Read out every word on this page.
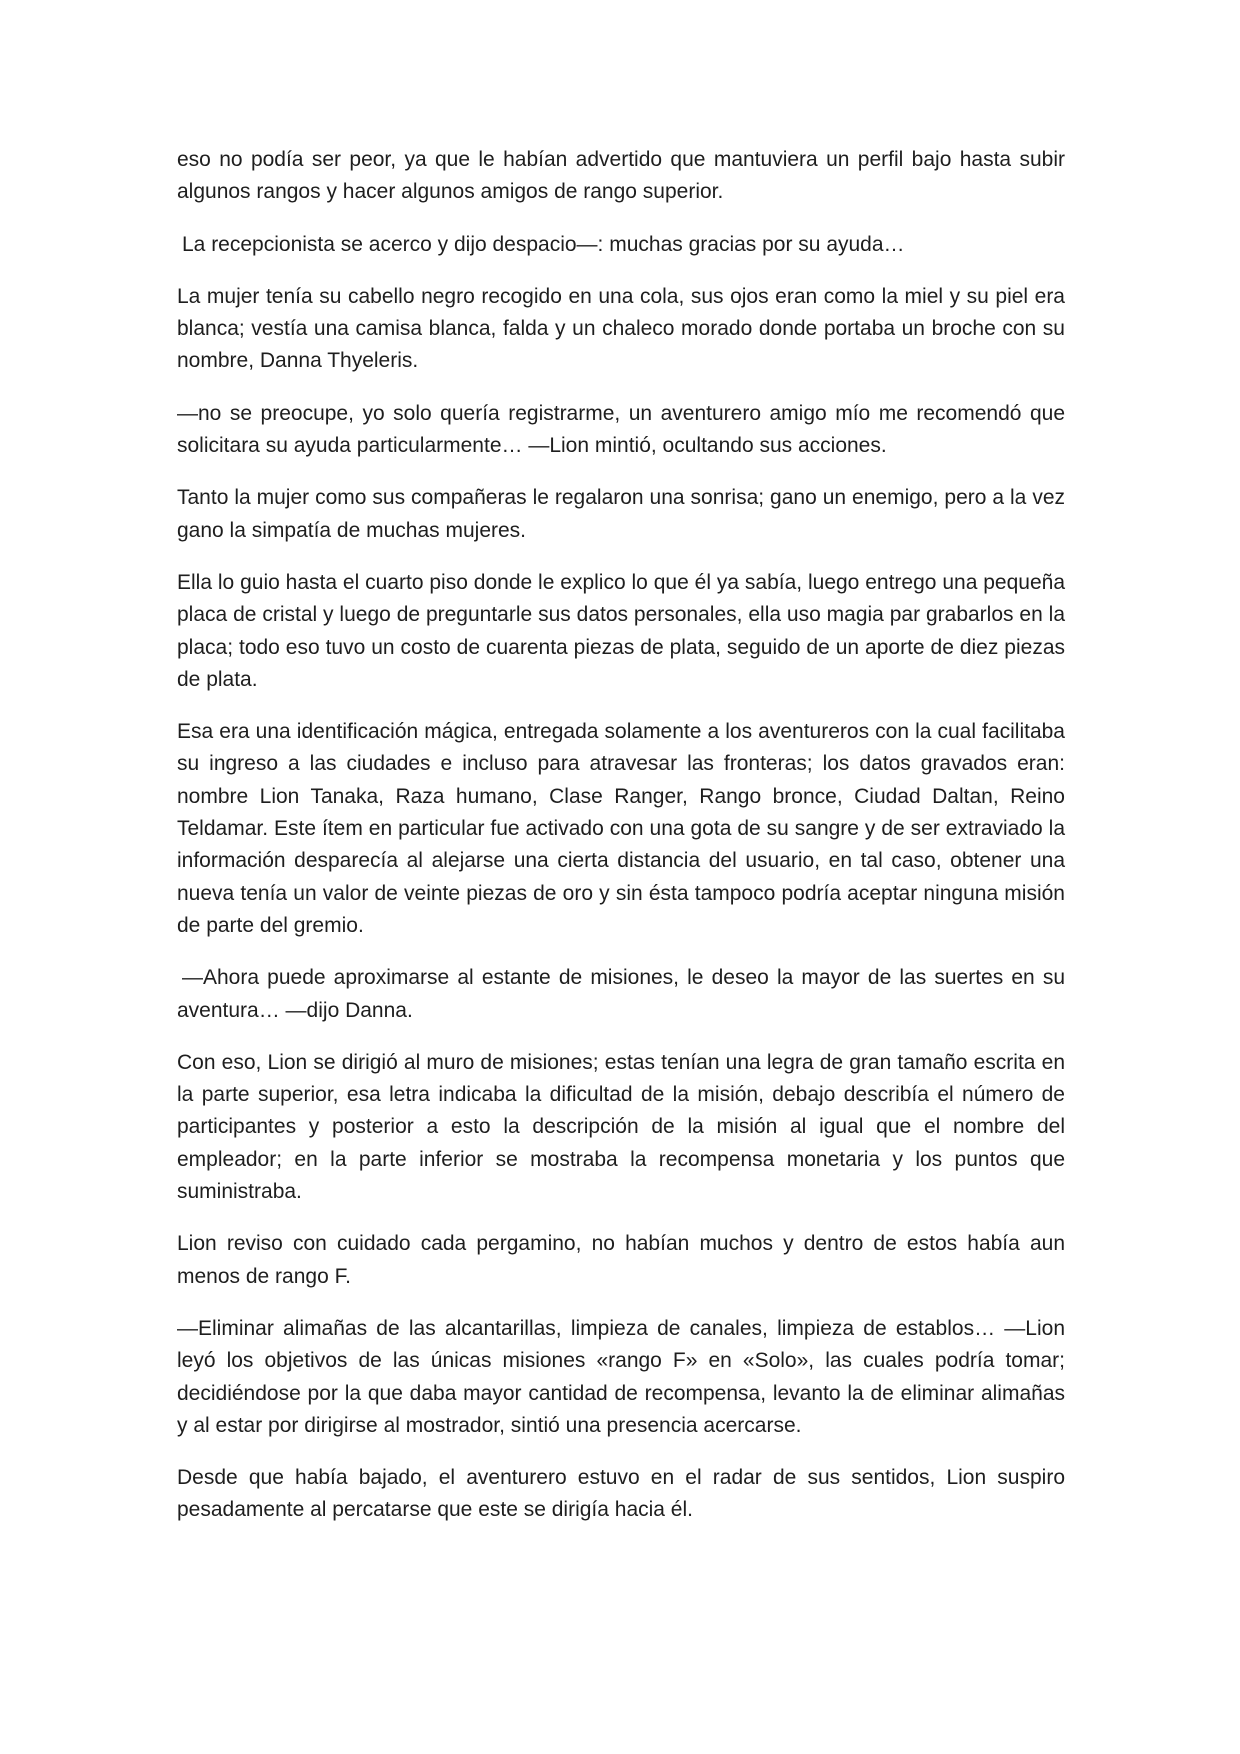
eso no podía ser peor, ya que le habían advertido que mantuviera un perfil bajo hasta subir algunos rangos y hacer algunos amigos de rango superior.

La recepcionista se acerco y dijo despacio—: muchas gracias por su ayuda…

La mujer tenía su cabello negro recogido en una cola, sus ojos eran como la miel y su piel era blanca; vestía una camisa blanca, falda y un chaleco morado donde portaba un broche con su nombre, Danna Thyeleris.

—no se preocupe, yo solo quería registrarme, un aventurero amigo mío me recomendó que solicitara su ayuda particularmente… —Lion mintió, ocultando sus acciones.

Tanto la mujer como sus compañeras le regalaron una sonrisa; gano un enemigo, pero a la vez gano la simpatía de muchas mujeres.

Ella lo guio hasta el cuarto piso donde le explico lo que él ya sabía, luego entrego una pequeña placa de cristal y luego de preguntarle sus datos personales, ella uso magia par grabarlos en la placa; todo eso tuvo un costo de cuarenta piezas de plata, seguido de un aporte de diez piezas de plata.

Esa era una identificación mágica, entregada solamente a los aventureros con la cual facilitaba su ingreso a las ciudades e incluso para atravesar las fronteras; los datos gravados eran: nombre Lion Tanaka, Raza humano, Clase Ranger, Rango bronce, Ciudad Daltan, Reino Teldamar. Este ítem en particular fue activado con una gota de su sangre y de ser extraviado la información desparecía al alejarse una cierta distancia del usuario, en tal caso, obtener una nueva tenía un valor de veinte piezas de oro y sin ésta tampoco podría aceptar ninguna misión de parte del gremio.

—Ahora puede aproximarse al estante de misiones, le deseo la mayor de las suertes en su aventura… —dijo Danna.

Con eso, Lion se dirigió al muro de misiones; estas tenían una legra de gran tamaño escrita en la parte superior, esa letra indicaba la dificultad de la misión, debajo describía el número de participantes y posterior a esto la descripción de la misión al igual que el nombre del empleador; en la parte inferior se mostraba la recompensa monetaria y los puntos que suministraba.

Lion reviso con cuidado cada pergamino, no habían muchos y dentro de estos había aun menos de rango F.

—Eliminar alimañas de las alcantarillas, limpieza de canales, limpieza de establos… —Lion leyó los objetivos de las únicas misiones «rango F» en «Solo», las cuales podría tomar; decidiéndose por la que daba mayor cantidad de recompensa, levanto la de eliminar alimañas y al estar por dirigirse al mostrador, sintió una presencia acercarse.

Desde que había bajado, el aventurero estuvo en el radar de sus sentidos, Lion suspiro pesadamente al percatarse que este se dirigía hacia él.
